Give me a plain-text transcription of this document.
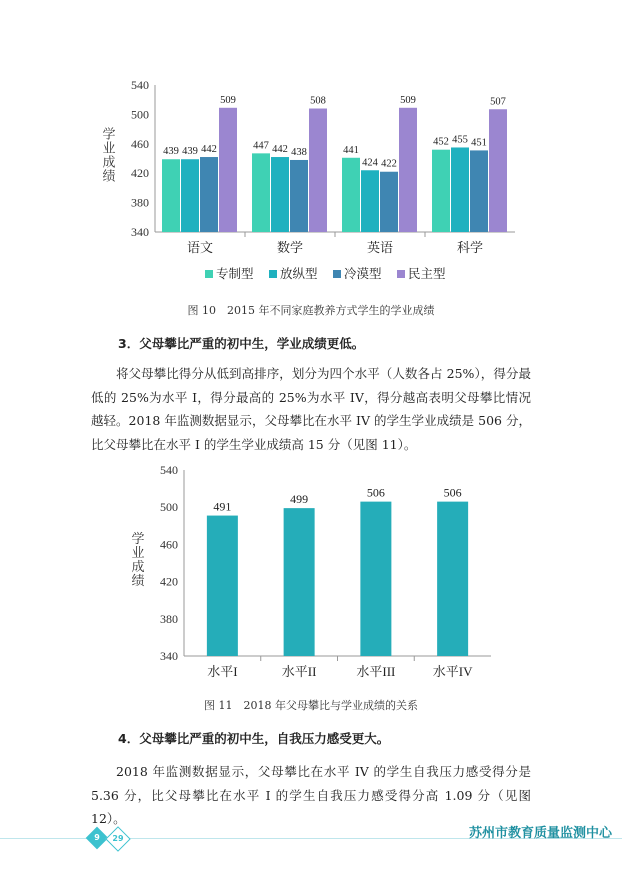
340
380
420
460
500
540
学业成绩
语文
439 439 442
509
数学
447 442 438
508
英语
441
424 422
509
科学
452 455 451
507
专制型 放纵型 冷漠型 民主型
图 10　2015 年不同家庭教养方式学生的学业成绩
3．父母攀比严重的初中生，学业成绩更低。

将父母攀比得分从低到高排序，划分为四个水平（人数各占 25%），得分最低的 25%为水平 I，得分最高的 25%为水平 IV，得分越高表明父母攀比情况越轻。2018 年监测数据显示，父母攀比在水平 IV 的学生学业成绩是 506 分，比父母攀比在水平 I 的学生学业成绩高 15 分（见图 11）。

340
380
420
460
500
540
学业成绩
水平I
491
水平II
499
水平III
506
水平IV
506
图 11　2018 年父母攀比与学业成绩的关系
4．父母攀比严重的初中生，自我压力感受更大。

2018 年监测数据显示，父母攀比在水平 IV 的学生自我压力感受得分是 5.36 分，比父母攀比在水平 I 的学生自我压力感受得分高 1.09 分（见图 12）。

9	29	苏州市教育质量监测中心
